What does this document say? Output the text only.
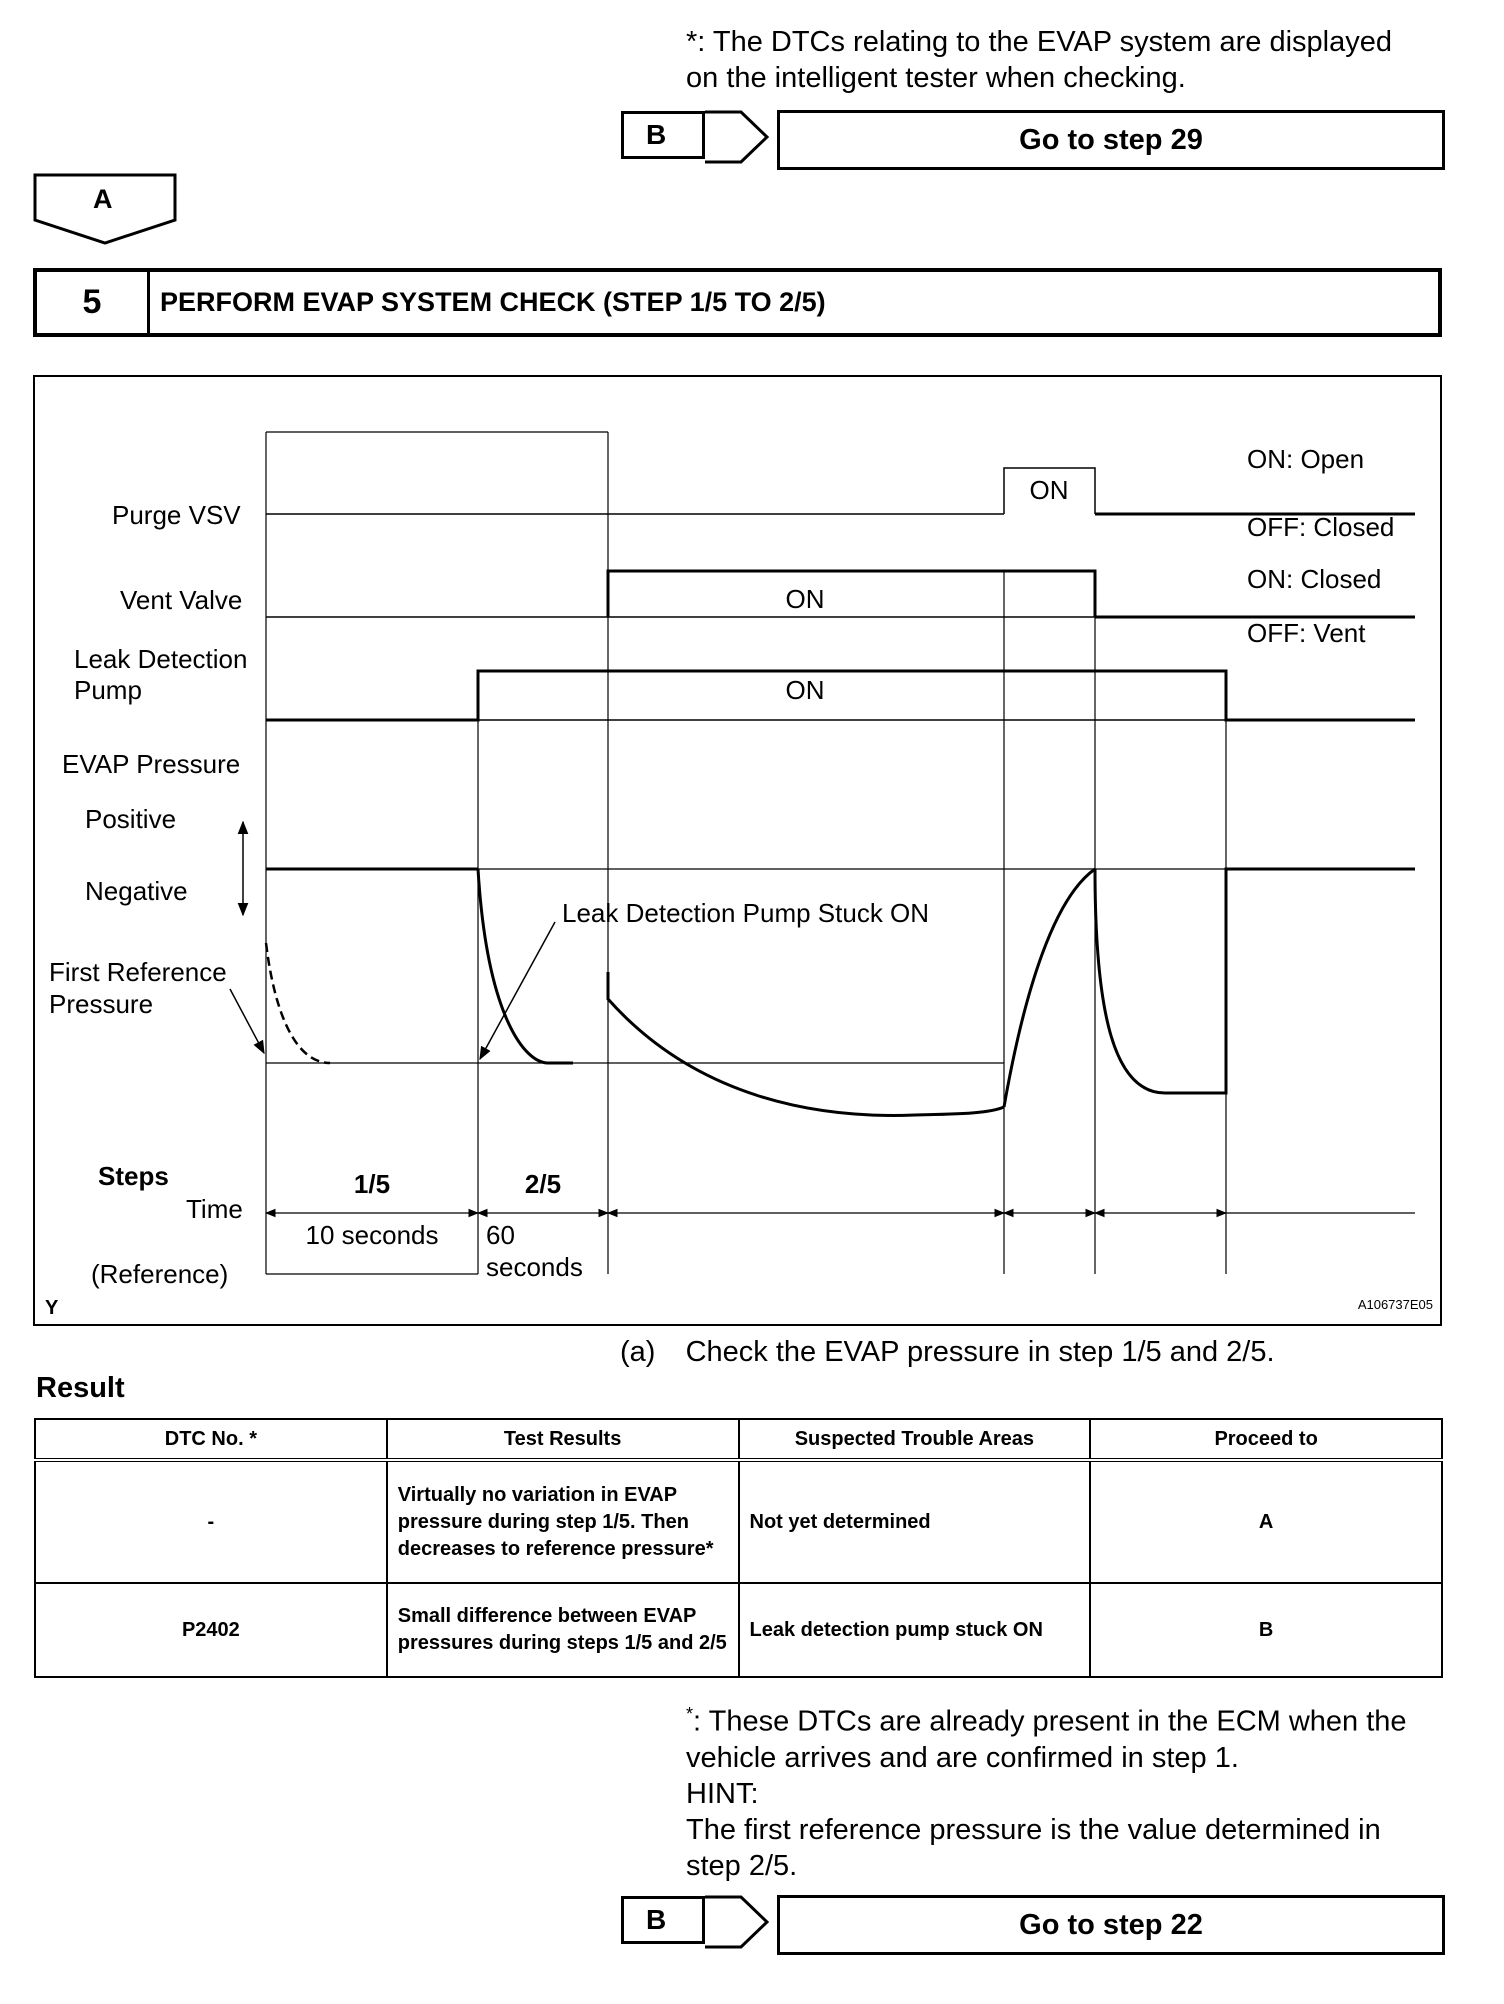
*: The DTCs relating to the EVAP system are displayed

on the intelligent tester when checking.

B	Go to step 29
A
5	PERFORM EVAP SYSTEM CHECK (STEP 1/5 TO 2/5)
Purge VSV
Vent Valve
Leak Detection
Pump
EVAP Pressure
Positive
Negative
First Reference
Pressure
Steps
Time
(Reference)
Y	A106737E05
ON: Open
OFF: Closed
ON: Closed
OFF: Vent
ON
ON
ON
Leak Detection Pump Stuck ON
1/5	2/5
10 seconds 60
seconds
(a) Check the EVAP pressure in step 1/5 and 2/5.
Result
DTC No. *	Test Results	Suspected Trouble Areas	Proceed to
-	Virtually no variation in EVAP pressure during step 1/5. Then decreases to reference pressure*	Not yet determined	A
P2402	Small difference between EVAP pressures during steps 1/5 and 2/5	Leak detection pump stuck ON	B

*: These DTCs are already present in the ECM when the

vehicle arrives and are confirmed in step 1.

HINT:

The first reference pressure is the value determined in

step 2/5.

B	Go to step 22
